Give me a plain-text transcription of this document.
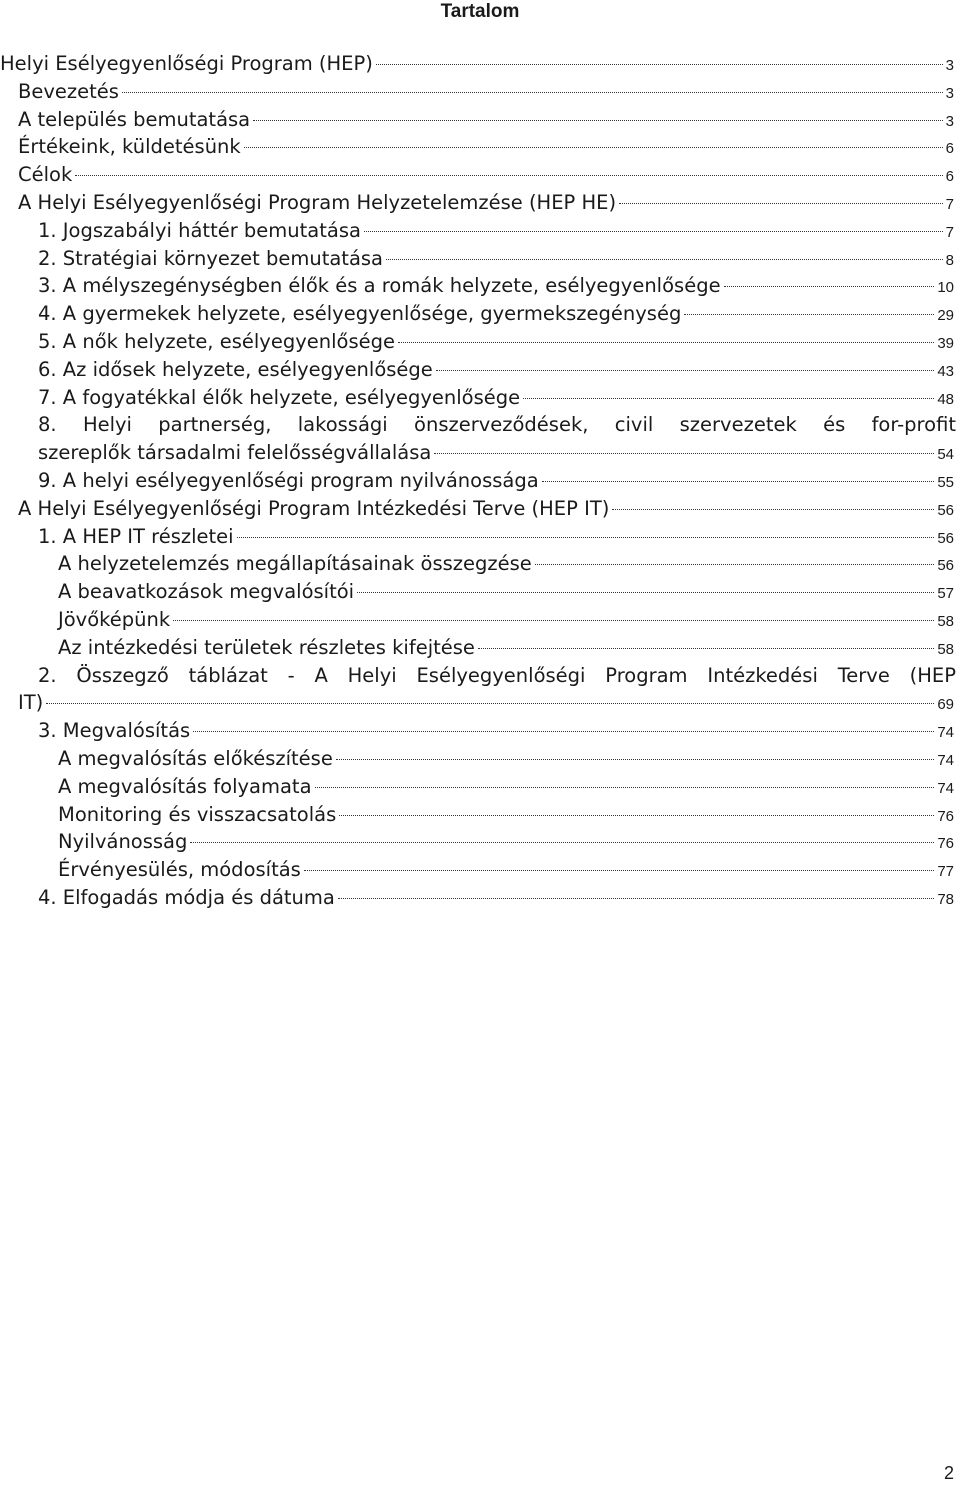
Tartalom
Helyi Esélyegyenlőségi Program (HEP)	3
Bevezetés	3
A település bemutatása	3
Értékeink, küldetésünk	6
Célok	6
A Helyi Esélyegyenlőségi Program Helyzetelemzése (HEP HE)	7
1. Jogszabályi háttér bemutatása	7
2. Stratégiai környezet bemutatása	8
3. A mélyszegénységben élők és a romák helyzete, esélyegyenlősége	10
4. A gyermekek helyzete, esélyegyenlősége, gyermekszegénység	29
5. A nők helyzete, esélyegyenlősége	39
6. Az idősek helyzete, esélyegyenlősége	43
7. A fogyatékkal élők helyzete, esélyegyenlősége	48
8. Helyi partnerség, lakossági önszerveződések, civil szervezetek és for-profit
szereplők társadalmi felelősségvállalása	54
9. A helyi esélyegyenlőségi program nyilvánossága	55
A Helyi Esélyegyenlőségi Program Intézkedési Terve (HEP IT)	56
1. A HEP IT részletei	56
A helyzetelemzés megállapításainak összegzése	56
A beavatkozások megvalósítói	57
Jövőképünk	58
Az intézkedési területek részletes kifejtése	58
2. Összegző táblázat - A Helyi Esélyegyenlőségi Program Intézkedési Terve (HEP
IT)	69
3. Megvalósítás	74
A megvalósítás előkészítése	74
A megvalósítás folyamata	74
Monitoring és visszacsatolás	76
Nyilvánosság	76
Érvényesülés, módosítás	77
4. Elfogadás módja és dátuma	78
2
